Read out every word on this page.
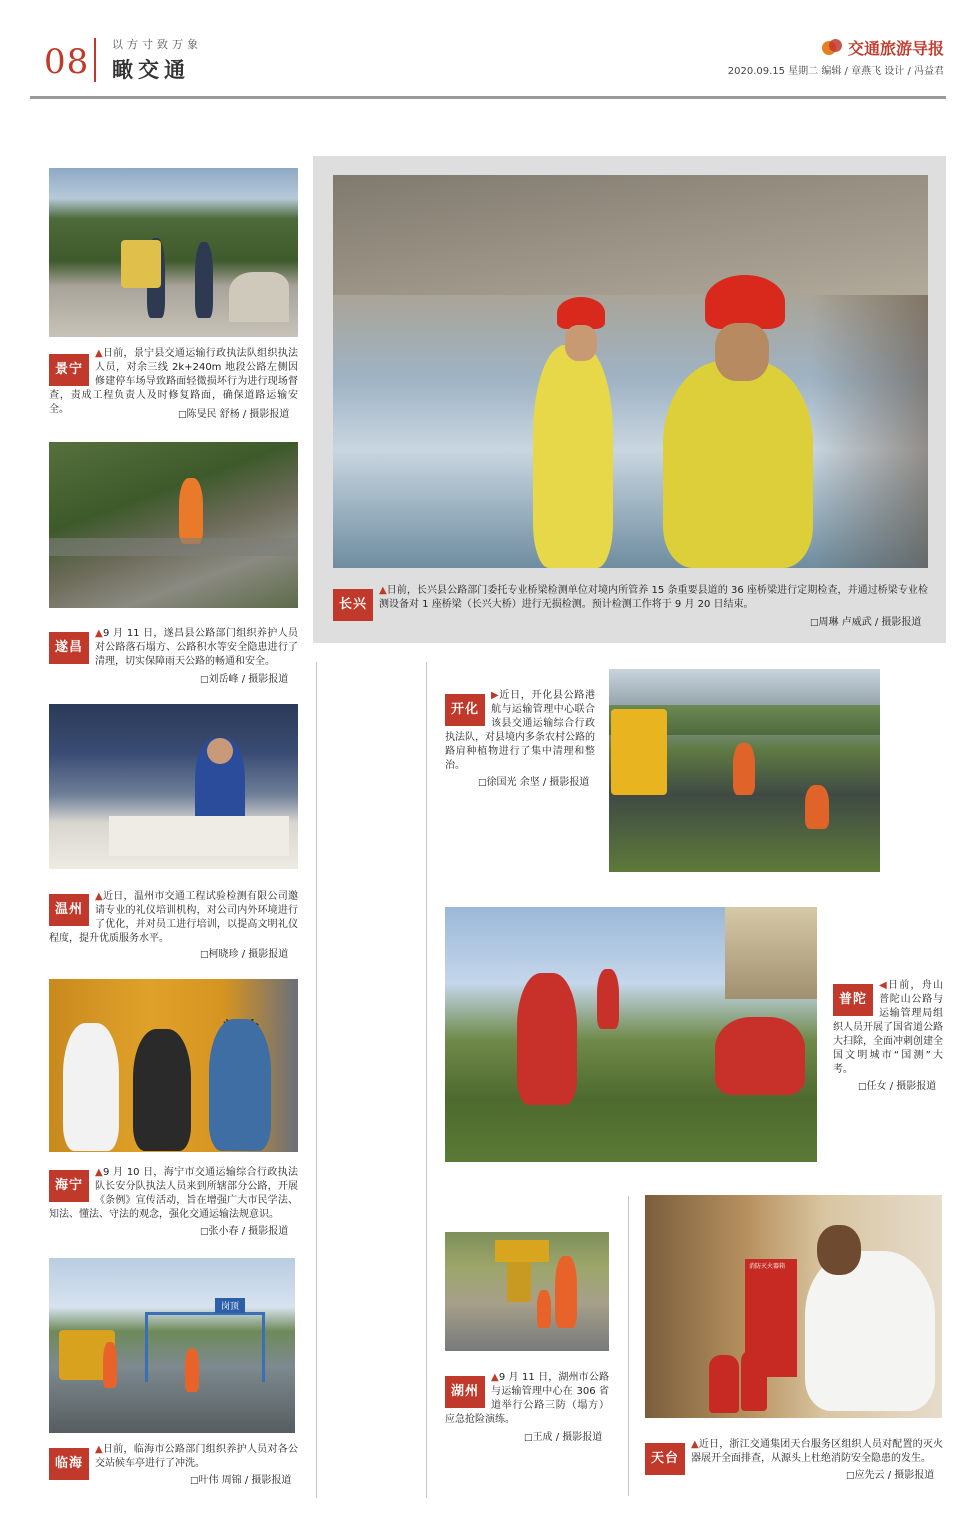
08 以方寸致万象
瞰交通
交通旅游导报
2020.09.15 星期二 编辑 / 章燕飞 设计 / 冯益君
景宁
▲日前，景宁县交通运输行政执法队组织执法人员，对余三线 2k+240m 地段公路左侧因修建停车场导致路面轻微损坏行为进行现场督查，责成工程负责人及时修复路面，确保道路运输安全。
□	陈旻民 舒杨 / 摄影报道
遂昌
▲9 月 11 日，遂昌县公路部门组织养护人员对公路落石塌方、公路积水等安全隐患进行了清理，切实保障雨天公路的畅通和安全。
□ 刘岳峰 / 摄影报道
温州
▲近日，温州市交通工程试验检测有限公司邀请专业的礼仪培训机构，对公司内外环境进行了优化，并对员工进行培训，以提高文明礼仪程度，提升优质服务水平。
□ 柯晓珍 / 摄影报道
海宁
▲9 月 10 日，海宁市交通运输综合行政执法队长安分队执法人员来到所辖部分公路，开展《条例》宣传活动，旨在增强广大市民学法、知法、懂法、守法的观念，强化交通运输法规意识。
□ 张小春 / 摄影报道
岗顶
临海
▲日前，临海市公路部门组织养护人员对各公交站候车亭进行了冲洗。
□ 叶伟 周锦 / 摄影报道
长兴
▲日前，长兴县公路部门委托专业桥梁检测单位对境内所管养 15 条重要县道的 36 座桥梁进行定期检查，并通过桥梁专业检测设备对 1 座桥梁（长兴大桥）进行无损检测。预计检测工作将于 9 月 20 日结束。
□ 周琳 卢威武 / 摄影报道
开化
▶近日，开化县公路港航与运输管理中心联合该县交通运输综合行政执法队，对县境内多条农村公路的路肩种植物进行了集中清理和整治。
□ 徐国光 余坚 / 摄影报道
普陀
◀日前，舟山普陀山公路与运输管理局组织人员开展了国省道公路大扫除，全面冲刺创建全国文明城市“国测”大考。
□ 任女 / 摄影报道
湖州
▲9 月 11 日，湖州市公路与运输管理中心在 306 省道举行公路三防（塌方）应急抢险演练。
□ 王成 / 摄影报道
消防灭火器箱
天台
▲近日，浙江交通集团天台服务区组织人员对配置的灭火器展开全面排查，从源头上杜绝消防安全隐患的发生。
□ 应先云 / 摄影报道
